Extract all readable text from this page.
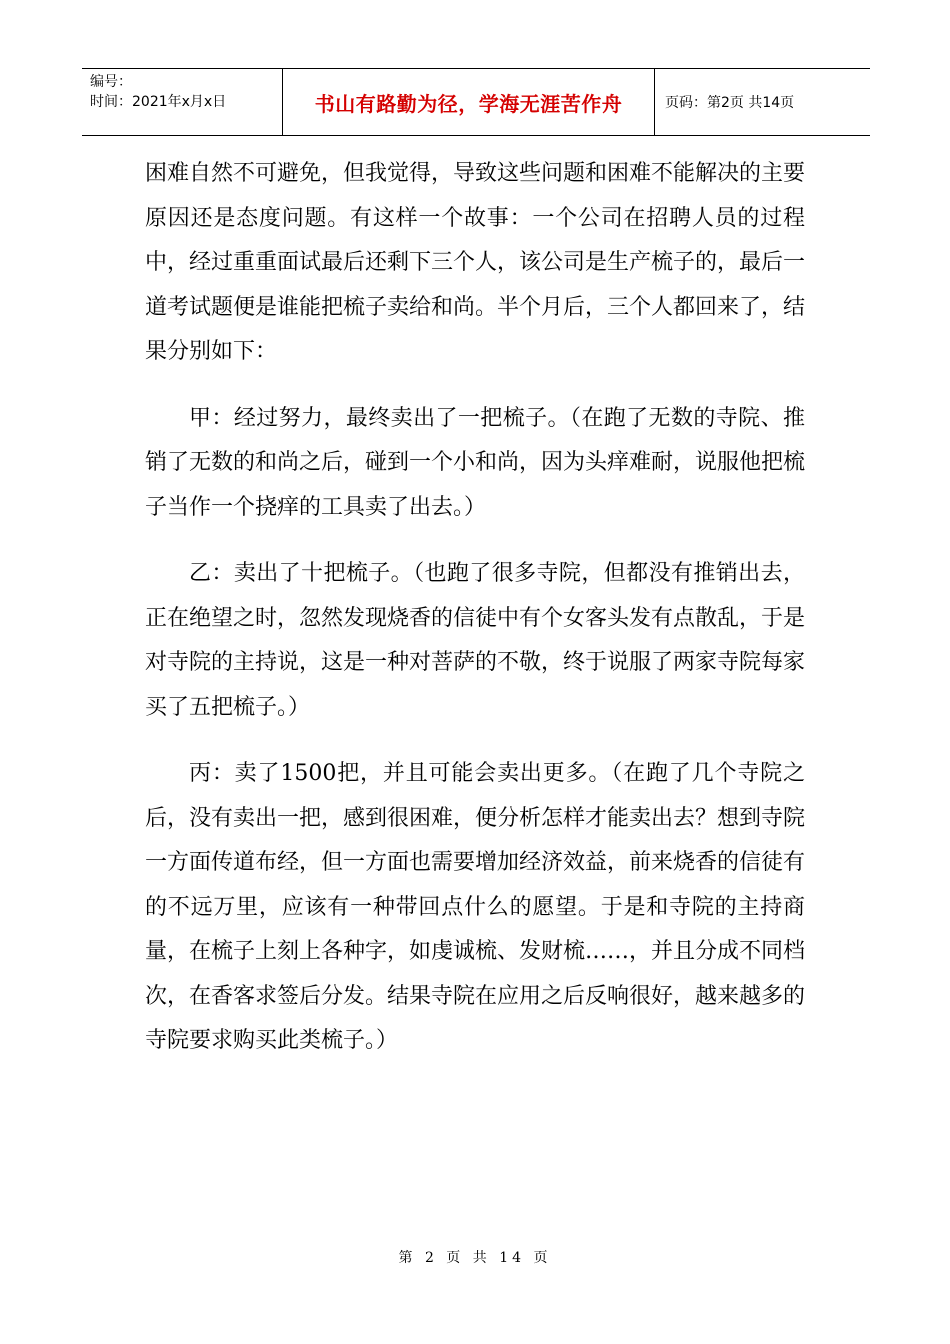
编号：
时间：2021年x月x日	书山有路勤为径，学海无涯苦作舟	页码：第2页 共14页

困难自然不可避免，但我觉得，导致这些问题和困难不能解决的主要原因还是态度问题。有这样一个故事：一个公司在招聘人员的过程中，经过重重面试最后还剩下三个人，该公司是生产梳子的，最后一道考试题便是谁能把梳子卖给和尚。半个月后，三个人都回来了，结果分别如下：

甲：经过努力，最终卖出了一把梳子。（在跑了无数的寺院、推销了无数的和尚之后，碰到一个小和尚，因为头痒难耐，说服他把梳子当作一个挠痒的工具卖了出去。）

乙：卖出了十把梳子。（也跑了很多寺院，但都没有推销出去，正在绝望之时，忽然发现烧香的信徒中有个女客头发有点散乱，于是对寺院的主持说，这是一种对菩萨的不敬，终于说服了两家寺院每家买了五把梳子。）

丙：卖了1500把，并且可能会卖出更多。（在跑了几个寺院之后，没有卖出一把，感到很困难，便分析怎样才能卖出去？想到寺院一方面传道布经，但一方面也需要增加经济效益，前来烧香的信徒有的不远万里，应该有一种带回点什么的愿望。于是和寺院的主持商量，在梳子上刻上各种字，如虔诚梳、发财梳……，并且分成不同档次，在香客求签后分发。结果寺院在应用之后反响很好，越来越多的寺院要求购买此类梳子。）

第 2 页 共 14 页
